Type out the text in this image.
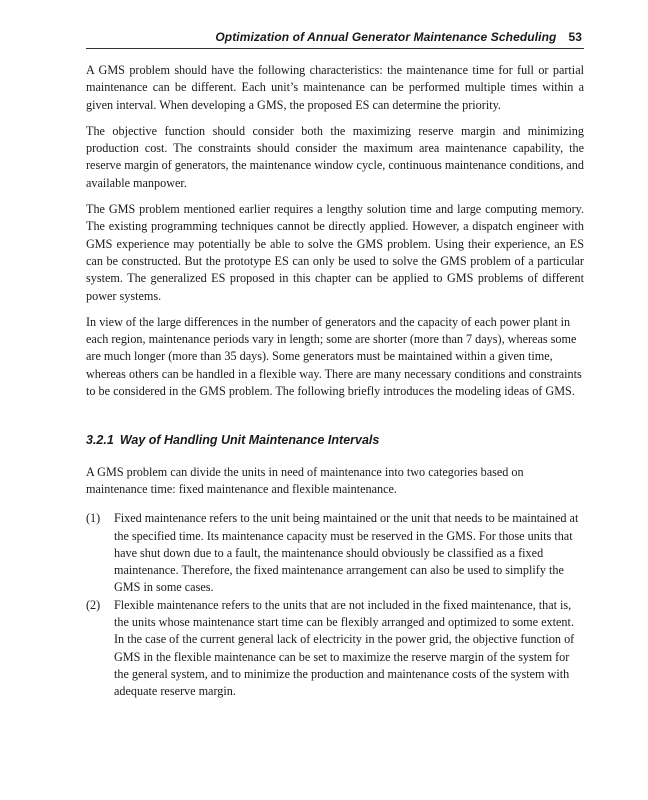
Optimization of Annual Generator Maintenance Scheduling 53

A GMS problem should have the following characteristics: the maintenance time for full or partial maintenance can be different. Each unit’s maintenance can be performed multiple times within a given interval. When developing a GMS, the proposed ES can determine the priority.

The objective function should consider both the maximizing reserve margin and minimizing production cost. The constraints should consider the maximum area maintenance capability, the reserve margin of generators, the maintenance window cycle, continuous maintenance conditions, and available manpower.

The GMS problem mentioned earlier requires a lengthy solution time and large computing memory. The existing programming techniques cannot be directly applied. However, a dispatch engineer with GMS experience may potentially be able to solve the GMS problem. Using their experience, an ES can be constructed. But the prototype ES can only be used to solve the GMS problem of a particular system. The generalized ES proposed in this chapter can be applied to GMS problems of different power systems.

In view of the large differences in the number of generators and the capacity of each power plant in each region, maintenance periods vary in length; some are shorter (more than 7 days), whereas some are much longer (more than 35 days). Some generators must be maintained within a given time, whereas others can be handled in a flexible way. There are many necessary conditions and constraints to be considered in the GMS problem. The following briefly introduces the modeling ideas of GMS.

3.2.1 Way of Handling Unit Maintenance Intervals

A GMS problem can divide the units in need of maintenance into two categories based on maintenance time: fixed maintenance and flexible maintenance.

(1)	Fixed maintenance refers to the unit being maintained or the unit that needs to be maintained at the specified time. Its maintenance capacity must be reserved in the GMS. For those units that have shut down due to a fault, the maintenance should obviously be classified as a fixed maintenance. Therefore, the fixed maintenance arrangement can also be used to simplify the GMS in some cases.
(2)	Flexible maintenance refers to the units that are not included in the fixed maintenance, that is, the units whose maintenance start time can be flexibly arranged and optimized to some extent. In the case of the current general lack of electricity in the power grid, the objective function of GMS in the flexible maintenance can be set to maximize the reserve margin of the system for the general system, and to minimize the production and maintenance costs of the system with adequate reserve margin.
